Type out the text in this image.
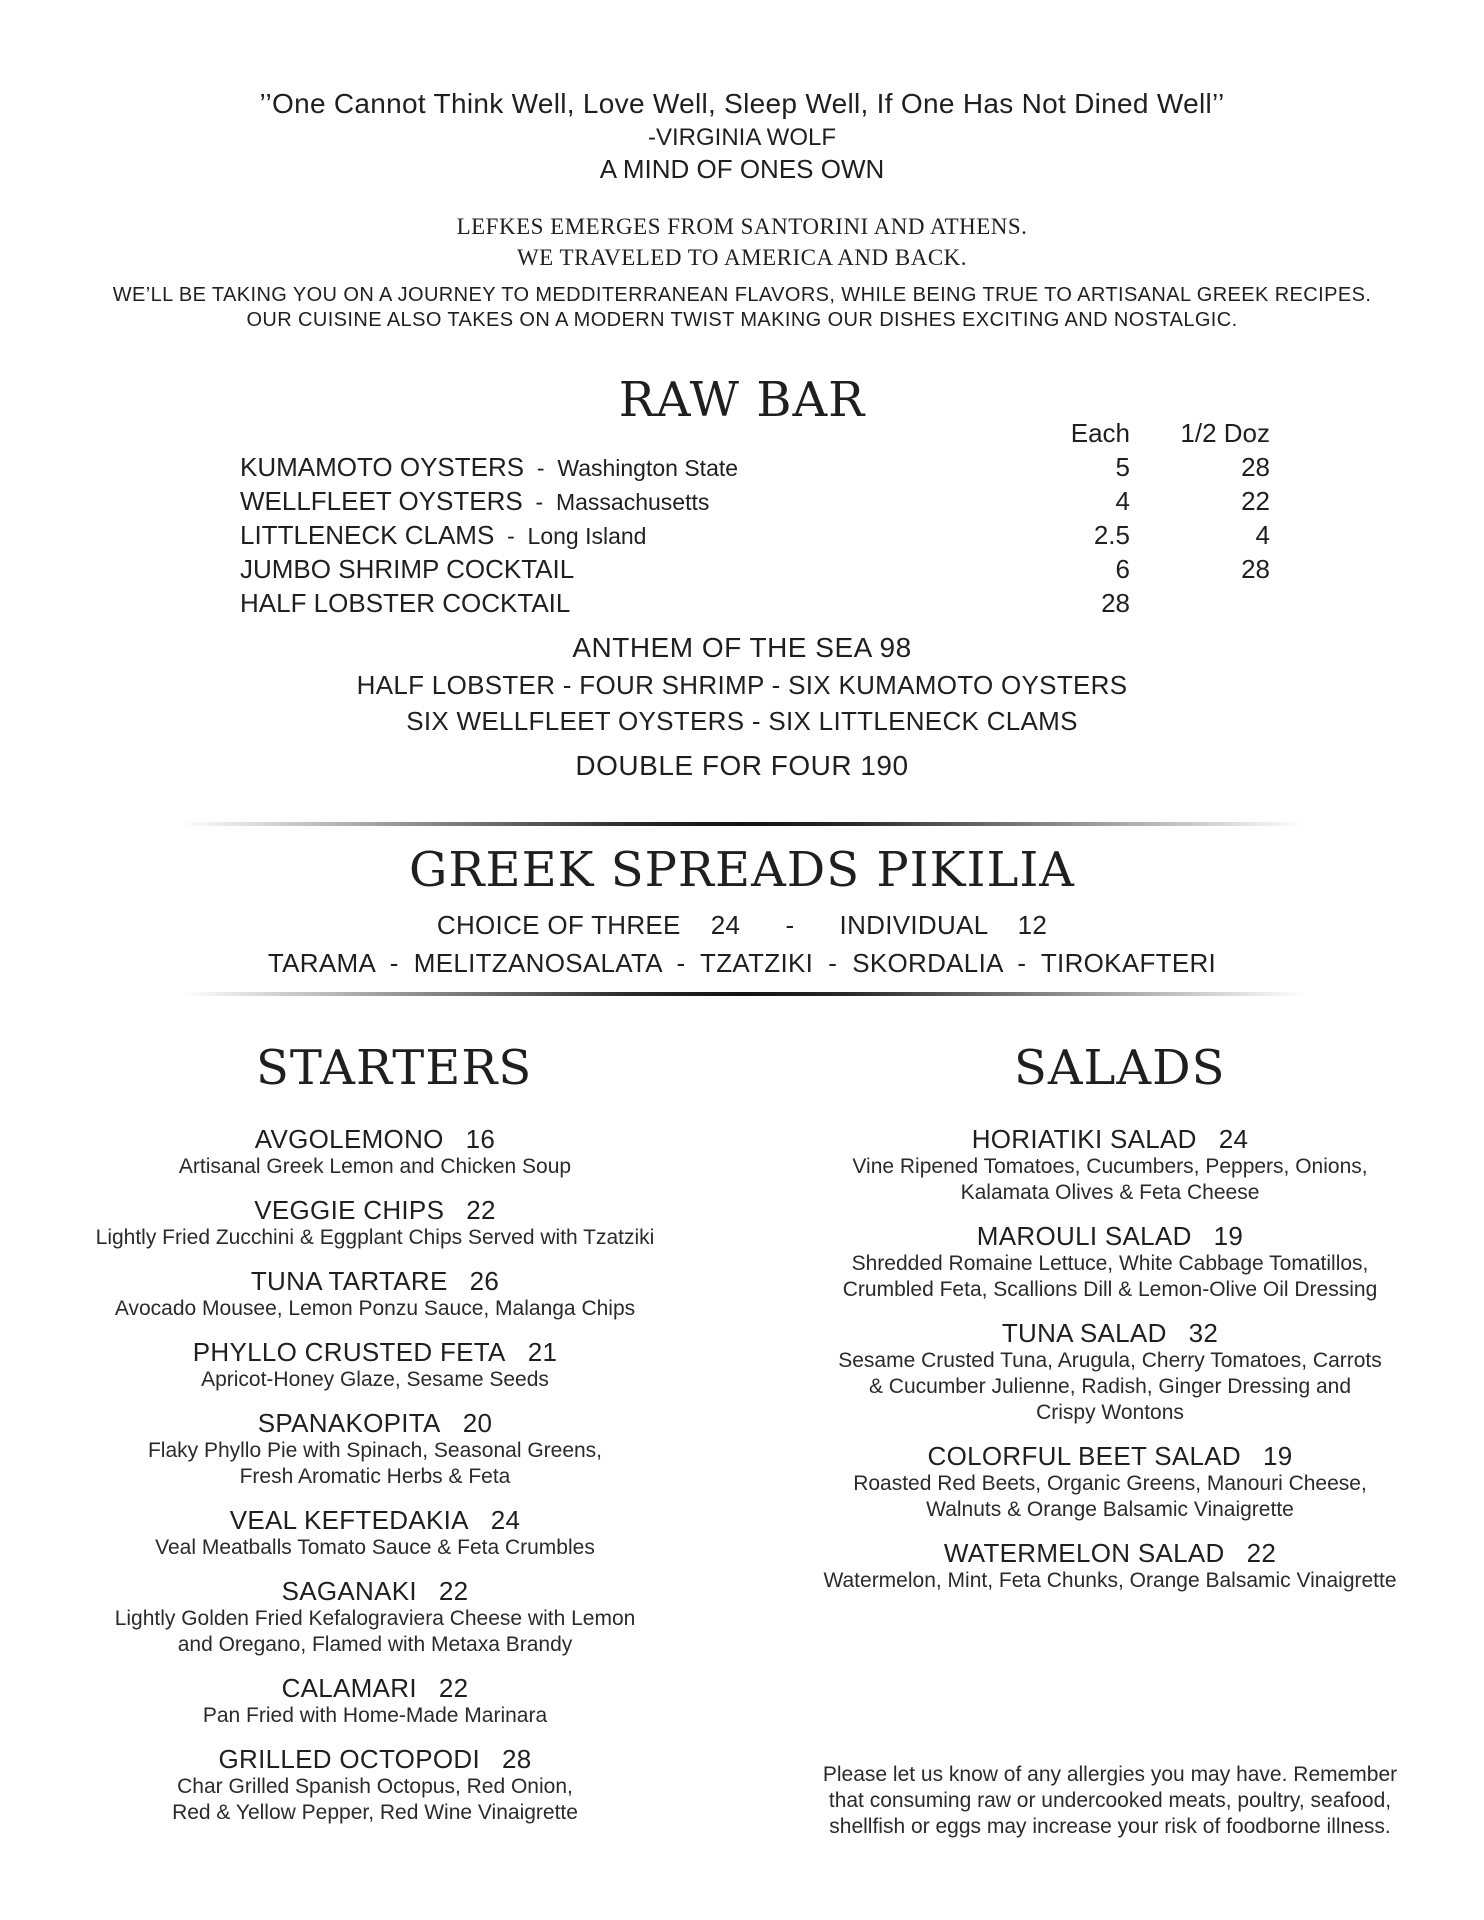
’’One Cannot Think Well, Love Well, Sleep Well, If One Has Not Dined Well’’
-VIRGINIA WOLF
A MIND OF ONES OWN
LEFKES EMERGES FROM SANTORINI AND ATHENS.
WE TRAVELED TO AMERICA AND BACK.
WE’LL BE TAKING YOU ON A JOURNEY TO MEDDITERRANEAN FLAVORS, WHILE BEING TRUE TO ARTISANAL GREEK RECIPES.
OUR CUISINE ALSO TAKES ON A MODERN TWIST MAKING OUR DISHES EXCITING AND NOSTALGIC.
RAW BAR
Each	1/2 Doz
KUMAMOTO OYSTERS  -  Washington State	5	28
WELLFLEET OYSTERS  -  Massachusetts	4	22
LITTLENECK CLAMS  -  Long Island	2.5	4
JUMBO SHRIMP COCKTAIL	6	28
HALF LOBSTER COCKTAIL	28
ANTHEM OF THE SEA 98
HALF LOBSTER - FOUR SHRIMP - SIX KUMAMOTO OYSTERS
SIX WELLFLEET OYSTERS - SIX LITTLENECK CLAMS
DOUBLE FOR FOUR 190
GREEK SPREADS PIKILIA
CHOICE OF THREE    24      -      INDIVIDUAL    12
TARAMA  -  MELITZANOSALATA  -  TZATZIKI  -  SKORDALIA  -  TIROKAFTERI
STARTERS
AVGOLEMONO 16
Artisanal Greek Lemon and Chicken Soup
VEGGIE CHIPS 22
Lightly Fried Zucchini & Eggplant Chips Served with Tzatziki
TUNA TARTARE 26
Avocado Mousee, Lemon Ponzu Sauce, Malanga Chips
PHYLLO CRUSTED FETA 21
Apricot-Honey Glaze, Sesame Seeds
SPANAKOPITA 20
Flaky Phyllo Pie with Spinach, Seasonal Greens,
Fresh Aromatic Herbs & Feta
VEAL KEFTEDAKIA 24
Veal Meatballs Tomato Sauce & Feta Crumbles
SAGANAKI 22
Lightly Golden Fried Kefalograviera Cheese with Lemon
and Oregano, Flamed with Metaxa Brandy
CALAMARI 22
Pan Fried with Home-Made Marinara
GRILLED OCTOPODI 28
Char Grilled Spanish Octopus, Red Onion,
Red & Yellow Pepper, Red Wine Vinaigrette
SALADS
HORIATIKI SALAD 24
Vine Ripened Tomatoes, Cucumbers, Peppers, Onions,
Kalamata Olives & Feta Cheese
MAROULI SALAD 19
Shredded Romaine Lettuce, White Cabbage Tomatillos,
Crumbled Feta, Scallions Dill & Lemon-Olive Oil Dressing
TUNA SALAD 32
Sesame Crusted Tuna, Arugula, Cherry Tomatoes, Carrots
& Cucumber Julienne, Radish, Ginger Dressing and
Crispy Wontons
COLORFUL BEET SALAD 19
Roasted Red Beets, Organic Greens, Manouri Cheese,
Walnuts & Orange Balsamic Vinaigrette
WATERMELON SALAD 22
Watermelon, Mint, Feta Chunks, Orange Balsamic Vinaigrette
Please let us know of any allergies you may have. Remember
that consuming raw or undercooked meats, poultry, seafood,
shellfish or eggs may increase your risk of foodborne illness.
